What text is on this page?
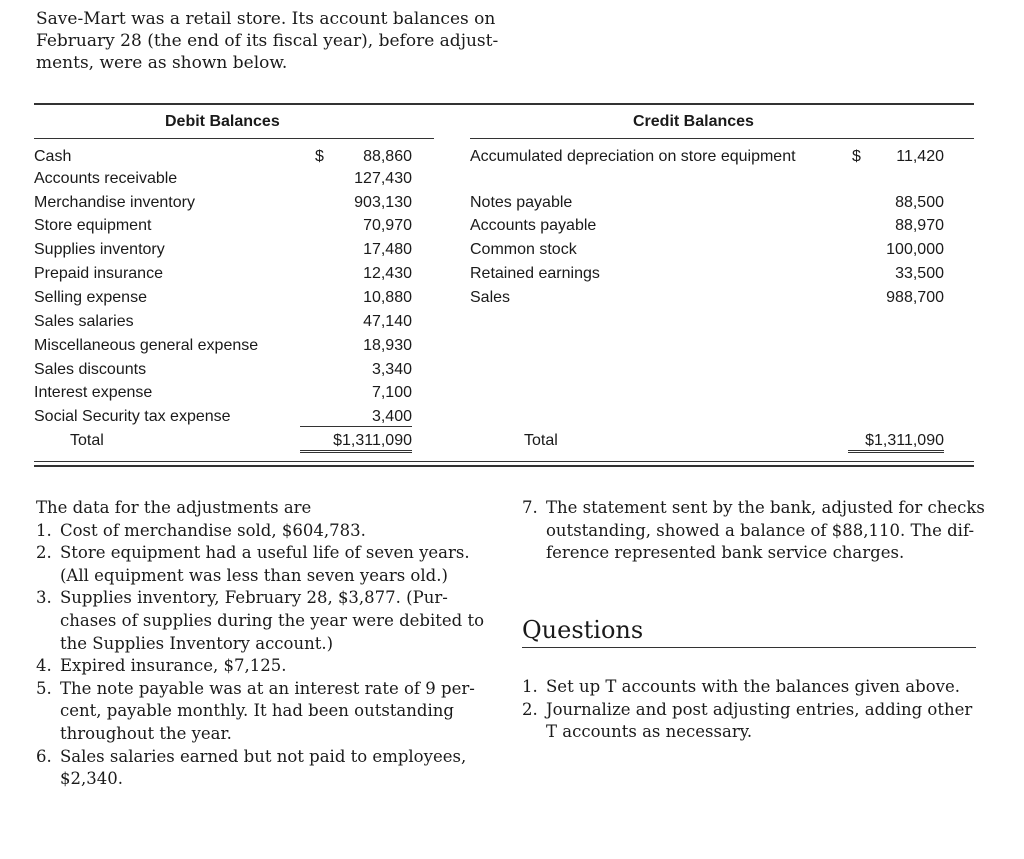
Save-Mart was a retail store. Its account balances on
February 28 (the end of its fiscal year), before adjust-
ments, were as shown below.
Debit Balances	Credit Balances
Cash	$	88,860
Accounts receivable	127,430
Merchandise inventory	903,130
Store equipment	70,970
Supplies inventory	17,480
Prepaid insurance	12,430
Selling expense	10,880
Sales salaries	47,140
Miscellaneous general expense	18,930
Sales discounts	3,340
Interest expense	7,100
Social Security tax expense	3,400
Total	$1,311,090
Accumulated depreciation on store equipment	$	11,420
Notes payable	88,500
Accounts payable	88,970
Common stock	100,000
Retained earnings	33,500
Sales	988,700
Total	$1,311,090
The data for the adjustments are
1. Cost of merchandise sold, $604,783.
2. Store equipment had a useful life of seven years.
(All equipment was less than seven years old.)
3. Supplies inventory, February 28, $3,877. (Pur-
chases of supplies during the year were debited to
the Supplies Inventory account.)
4. Expired insurance, $7,125.
5. The note payable was at an interest rate of 9 per-
cent, payable monthly. It had been outstanding
throughout the year.
6. Sales salaries earned but not paid to employees,
$2,340.
7. The statement sent by the bank, adjusted for checks
outstanding, showed a balance of $88,110. The dif-
ference represented bank service charges.
Questions
1. Set up T accounts with the balances given above.
2. Journalize and post adjusting entries, adding other
T accounts as necessary.
